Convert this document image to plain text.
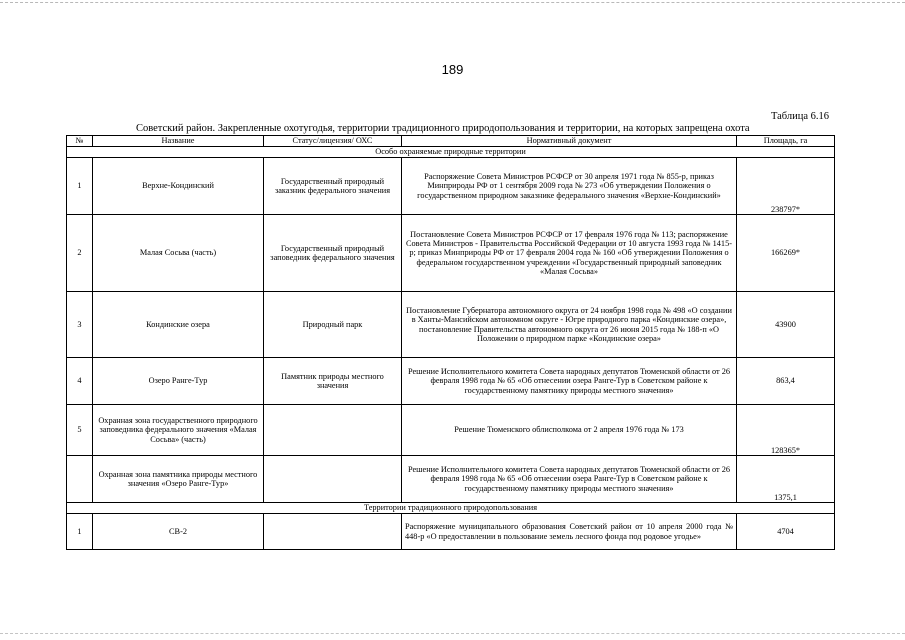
189
Таблица 6.16
Советский район. Закрепленные охотугодья, территории традиционного природопользования и территории, на которых запрещена охота
№	Название	Статус/лицензия/ ОХС	Нормативный документ	Площадь, га
Особо охраняемые природные территории				
1	Верхне-Кондинский	Государственный природный заказник федерального значения	Распоряжение Совета Министров РСФСР от 30 апреля 1971 года № 855-р, приказ Минприроды РФ от 1 сентября 2009 года № 273 «Об утверждении Положения о государственном природном заказнике федерального значения «Верхне-Кондинский»	238797*
2	Малая Сосьва (часть)	Государственный природный заповедник федерального значения	Постановление Совета Министров РСФСР от 17 февраля 1976 года № 113; распоряжение Совета Министров - Правительства Российской Федерации от 10 августа 1993 года № 1415-р; приказ Минприроды РФ от 17 февраля 2004 года № 160 «Об утверждении Положения о федеральном государственном учреждении «Государственный природный заповедник «Малая Сосьва»	166269*
3	Кондинские озера	Природный парк	Постановление Губернатора автономного округа от 24 ноября 1998 года № 498 «О создании в Ханты-Мансийском автономном округе - Югре природного парка «Кондинские озера», постановление Правительства автономного округа от 26 июня 2015 года № 188-п «О Положении о природном парке «Кондинские озера»	43900
4	Озеро Ранге-Тур	Памятник природы местного значения	Решение Исполнительного комитета Совета народных депутатов Тюменской области от 26 февраля 1998 года № 65 «Об отнесении озера Ранге-Тур в Советском районе к государственному памятнику природы местного значения»	863,4
5	Охранная зона государственного природного заповедника федерального значения «Малая Сосьва» (часть)		Решение Тюменского облисполкома от 2 апреля 1976 года № 173	128365*
	Охранная зона памятника природы местного значения «Озеро Ранге-Тур»		Решение Исполнительного комитета Совета народных депутатов Тюменской области от 26 февраля 1998 года № 65 «Об отнесении озера Ранге-Тур в Советском районе к государственному памятнику природы местного значения»	1375,1
Территории традиционного природопользования				
1	СВ-2		Распоряжение муниципального образования Советский район от 10 апреля 2000 года № 448-р «О предоставлении в пользование земель лесного фонда под родовое угодье»	4704
